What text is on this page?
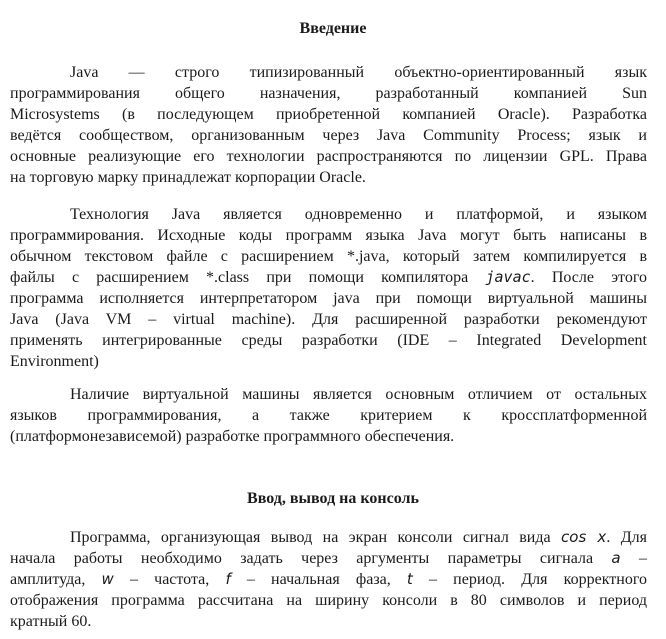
Введение
Java — строго типизированный объектно-ориентированный язык
программирования общего назначения, разработанный компанией Sun
Microsystems (в последующем приобретенной компанией Oracle). Разработка
ведётся сообществом, организованным через Java Community Process; язык и
основные реализующие его технологии распространяются по лицензии GPL. Права
на торговую марку принадлежат корпорации Oracle.
Технология Java является одновременно и платформой, и языком
программирования. Исходные коды программ языка Java могут быть написаны в
обычном текстовом файле с расширением *.java, который затем компилируется в
файлы с расширением *.class при помощи компилятора javac. После этого
программа исполняется интерпретатором java при помощи виртуальной машины
Java (Java VM – virtual machine). Для расширенной разработки рекомендуют
применять интегрированные среды разработки (IDE – Integrated Development
Environment)
Наличие виртуальной машины является основным отличием от остальных
языков программирования, а также критерием к кроссплатформенной
(платформонезависемой) разработке программного обеспечения.
Ввод, вывод на консоль
Программа, организующая вывод на экран консоли сигнал вида cos x. Для
начала работы необходимо задать через аргументы параметры сигнала a –
амплитуда, w – частота, f – начальная фаза, t – период. Для корректного
отображения программа рассчитана на ширину консоли в 80 символов и период
кратный 60.
